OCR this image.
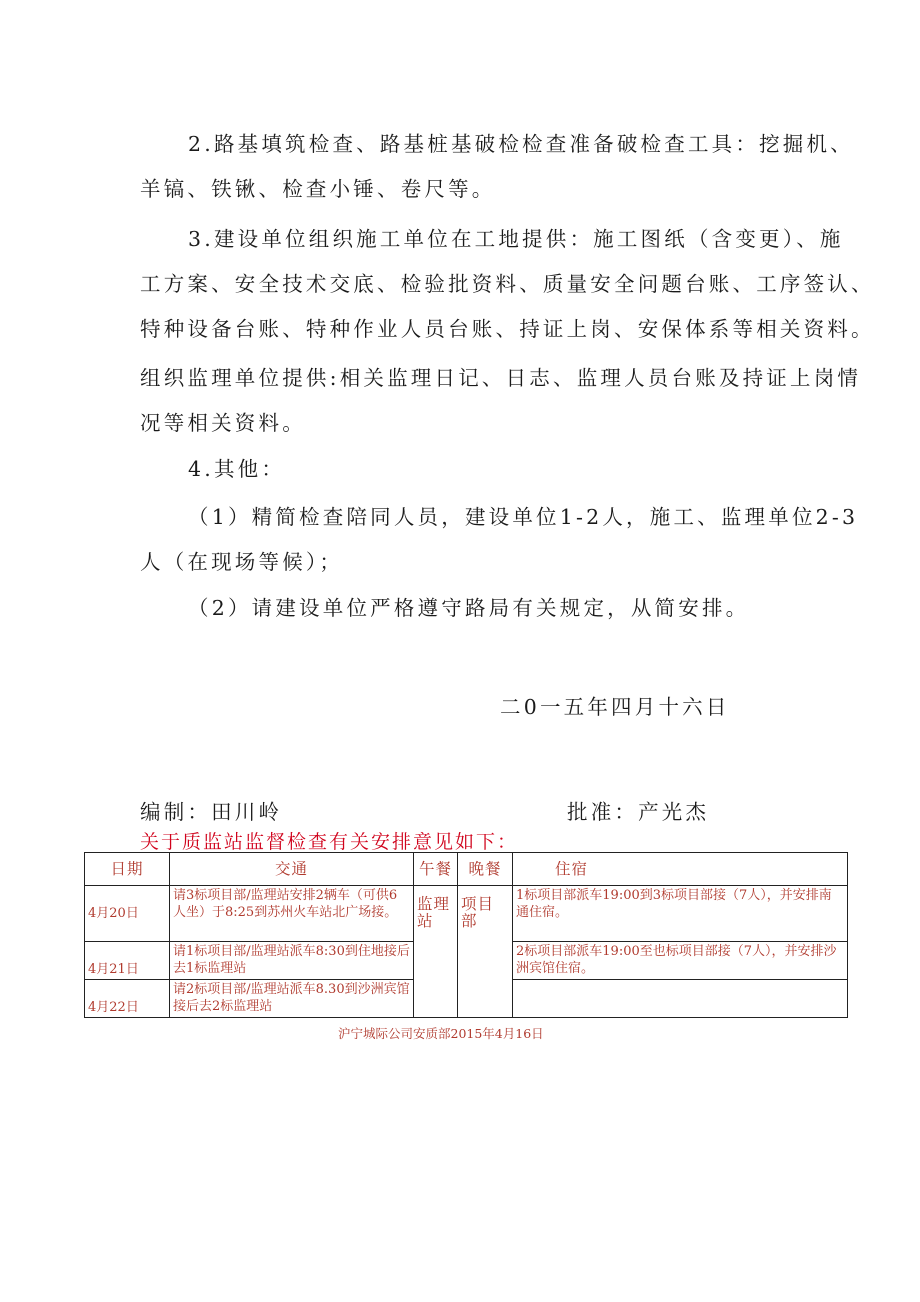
2.路基填筑检查、路基桩基破检检查准备破检查工具：挖掘机、
羊镐、铁锹、检查小锤、卷尺等。
3.建设单位组织施工单位在工地提供：施工图纸（含变更）、施
工方案、安全技术交底、检验批资料、质量安全问题台账、工序签认、
特种设备台账、特种作业人员台账、持证上岗、安保体系等相关资料。
组织监理单位提供:相关监理日记、日志、监理人员台账及持证上岗情
况等相关资料。
4.其他：
（1）精简检查陪同人员，建设单位1-2人，施工、监理单位2-3
人（在现场等候）；
（2）请建设单位严格遵守路局有关规定，从简安排。
二0一五年四月十六日
编制：田川岭	批准：产光杰
关于质监站监督检查有关安排意见如下：
日期	交通	午餐	晚餐	住宿
4月20日	请3标项目部/监理站安排2辆车（可供6人坐）于8:25到苏州火车站北广场接。	监理站	项目部	1标项目部派车19:00到3标项目部接（7人），并安排南通住宿。
4月21日	请1标项目部/监理站派车8:30到住地接后去1标监理站			2标项目部派车19:00至也标项目部接（7人），并安排沙洲宾馆住宿。
4月22日	请2标项目部/监理站派车8.30到沙洲宾馆接后去2标监理站			
沪宁城际公司安质部2015年4月16日
